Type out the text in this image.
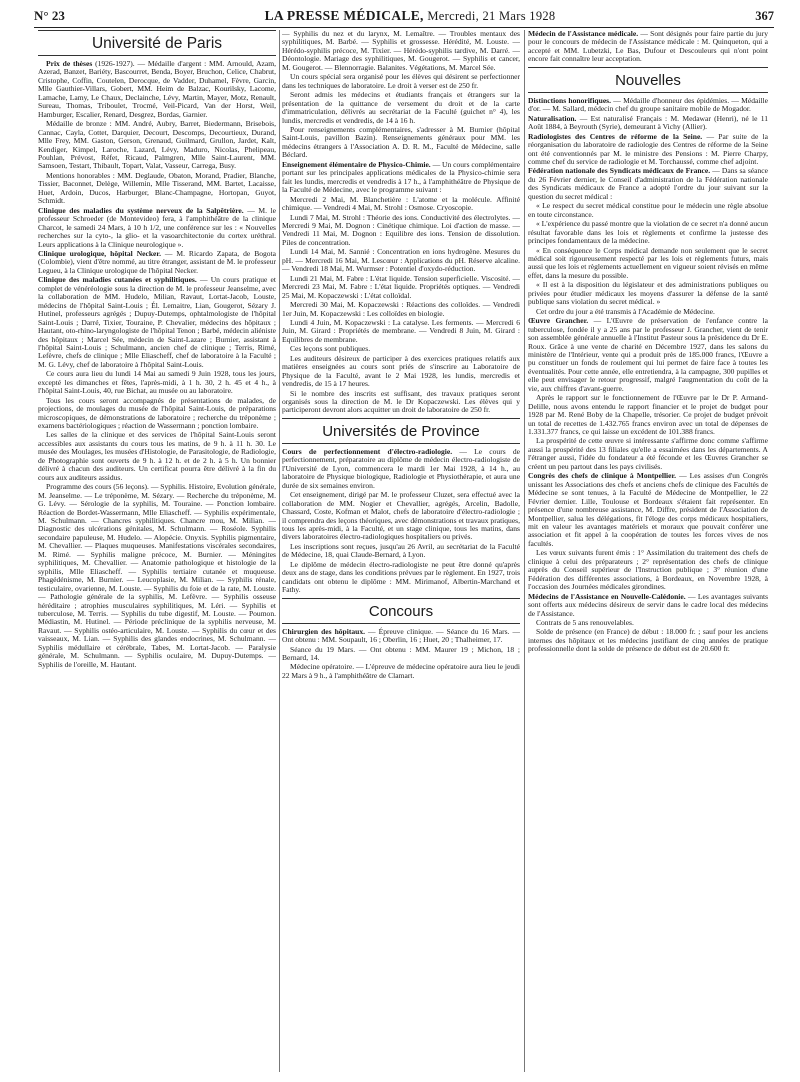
N° 23	LA PRESSE MÉDICALE, Mercredi, 21 Mars 1928	367
Université de Paris

Prix de thèses (1926-1927). — Médaille d'argent : MM. Arnould, Azam, Azerad, Banzet, Bariéty, Bascourret, Benda, Boyer, Bruchon, Celice, Chabrut, Cristophe, Coffin, Coutelen, Derocque, de Vadder, Duhamel, Fèvre, Garcin, Mlle Gauthier-Villars, Gobert, MM. Heim de Balzac, Kourilsky, Lacome, Lamache, Lamy, Le Chaux, Declainche, Lévy, Martin, Mayer, Motz, Renault, Sureau, Thomas, Triboulet, Trocmé, Veil-Picard, Van der Horst, Weil, Hamburger, Escalier, Renard, Desgrez, Bordas, Garnier.

Médaille de bronze : MM. André, Aubry, Barret, Biedermann, Brisebois, Cannac, Cayla, Cottet, Darquier, Decourt, Descomps, Decourtieux, Durand, Mlle Frey, MM. Gaston, Gerson, Grenaud, Guilmard, Grullon, Jardet, Kalt, Kendiger, Kimpel, Laroche, Lazard, Lévy, Maduro, Nicolas, Phelipeau, Pouhlan, Prévost, Réfet, Ricaud, Palmgren, Mlle Saint-Laurent, MM. Samsoen, Testart, Thibault, Topart, Valat, Vasseur, Carrega, Busy.

Mentions honorables : MM. Deglaude, Obaton, Morand, Pradier, Blanche, Tissier, Baconnet, Delège, Willemin, Mlle Tisserand, MM. Bartet, Lacaisse, Huet, Ardoin, Ducos, Harburger, Blanc-Champagne, Hortopan, Guyot, Schmidt.

Clinique des maladies du système nerveux de la Salpêtrière. — M. le professeur Schroeder (de Montevideo) fera, à l'amphithéâtre de la clinique Charcot, le samedi 24 Mars, à 10 h 1/2, une conférence sur les : « Nouvelles recherches sur la cyto-, la glio- et la vasoarchitectonie du cortex uréthral. Leurs applications à la Clinique neurologique ».

Clinique urologique, hôpital Necker. — M. Ricardo Zapata, de Bogota (Colombie), vient d'être nommé, au titre étranger, assistant de M. le professeur Legueu, à la Clinique urologique de l'hôpital Necker.

Clinique des maladies cutanées et syphilitiques. — Un cours pratique et complet de vénéréologie sous la direction de M. le professeur Jeanselme, avec la collaboration de MM. Hudelo, Milian, Ravaut, Lortat-Jacob, Louste, médecins de l'hôpital Saint-Louis ; Él. Lemaitre, Lian, Gougerot, Sézary J. Hutinel, professeurs agrégés ; Dupuy-Dutemps, ophtalmologiste de l'hôpital Saint-Louis ; Darré, Tixier, Touraine, P. Chevalier, médecins des hôpitaux ; Hautant, oto-rhino-laryngologiste de l'hôpital Tenon ; Barbé, médecin aliéniste des hôpitaux ; Marcel Sée, médecin de Saint-Lazare ; Burnier, assistant à l'hôpital Saint-Louis ; Schulmann, ancien chef de clinique ; Terris, Rimé, Lefèvre, chefs de clinique ; Mlle Eliascheff, chef de laboratoire à la Faculté ; M. G. Lévy, chef de laboratoire à l'hôpital Saint-Louis.

Ce cours aura lieu du lundi 14 Mai au samedi 9 Juin 1928, tous les jours, excepté les dimanches et fêtes, l'après-midi, à 1 h. 30, 2 h. 45 et 4 h., à l'hôpital Saint-Louis, 40, rue Bichat, au musée ou au laboratoire.

Tous les cours seront accompagnés de présentations de malades, de projections, de moulages du musée de l'hôpital Saint-Louis, de préparations microscopiques, de démonstrations de laboratoire ; recherche du tréponème ; examens bactériologiques ; réaction de Wassermann ; ponction lombaire.

Les salles de la clinique et des services de l'hôpital Saint-Louis seront accessibles aux assistants du cours tous les matins, de 9 h. à 11 h. 30. Le musée des Moulages, les musées d'Histologie, de Parasitologie, de Radiologie, de Photographie sont ouverts de 9 h. à 12 h. et de 2 h. à 5 h. Un bonnier délivré à chacun des auditeurs. Un certificat pourra être délivré à la fin du cours aux auditeurs assidus.

Programme des cours (56 leçons). — Syphilis. Histoire, Evolution générale, M. Jeanselme. — Le tréponème, M. Sézary. — Recherche du tréponème, M. G. Lévy. — Sérologie de la syphilis, M. Touraine. — Ponction lombaire. Réaction de Bordet-Wassermann, Mlle Eliascheff. — Syphilis expérimentale, M. Schulmann. — Chancres syphilitiques. Chancre mou, M. Milian. — Diagnostic des ulcérations génitales, M. Schulmann. — Roséole. Syphilis secondaire papuleuse, M. Hudelo. — Alopécie. Onyxis. Syphilis pigmentaire, M. Chevallier. — Plaques muqueuses. Manifestations viscérales secondaires, M. Rimé. — Syphilis maligne précoce, M. Burnier. — Méningites syphilitiques, M. Chevallier. — Anatomie pathologique et histologie de la syphilis, Mlle Eliascheff. — Syphilis tertiaire cutanée et muqueuse. Phagédénisme, M. Burnier. — Leucoplasie, M. Milian. — Syphilis rénale, testiculaire, ovarienne, M. Louste. — Syphilis du foie et de la rate, M. Louste. — Pathologie générale de la syphilis, M. Lefèvre. — Syphilis osseuse héréditaire ; atrophies musculaires syphilitiques, M. Léri. — Syphilis et tuberculose, M. Terris. — Syphilis du tube digestif, M. Louste. — Poumon. Médiastin, M. Hutinel. — Période préclinique de la syphilis nerveuse, M. Ravaut. — Syphilis ostéo-articulaire, M. Louste. — Syphilis du cœur et des vaisseaux, M. Lian. — Syphilis des glandes endocrines, M. Schulmann. — Syphilis médullaire et cérébrale, Tabes, M. Lortat-Jacob. — Paralysie générale, M. Schulmann. — Syphilis oculaire, M. Dupuy-Dutemps. — Syphilis de l'oreille, M. Hautant.

— Syphilis du nez et du larynx, M. Lemaître. — Troubles mentaux des syphilitiques, M. Barbé. — Syphilis et grossesse. Hérédité, M. Louste. — Hérédo-syphilis précoce, M. Tixier. — Hérédo-syphilis tardive, M. Darré. — Déontologie. Mariage des syphilitiques, M. Gougerot. — Syphilis et cancer, M. Gougerot. — Blennorragie. Balanites. Végétations, M. Marcel Sée.

Un cours spécial sera organisé pour les élèves qui désirent se perfectionner dans les techniques de laboratoire. Le droit à verser est de 250 fr.

Seront admis les médecins et étudiants français et étrangers sur la présentation de la quittance de versement du droit et de la carte d'immatriculation, délivrés au secrétariat de la Faculté (guichet n° 4), les lundis, mercredis et vendredis, de 14 à 16 h.

Pour renseignements complémentaires, s'adresser à M. Burnier (hôpital Saint-Louis, pavillon Bazin). Renseignements généraux pour MM. les médecins étrangers à l'Association A. D. R. M., Faculté de Médecine, salle Béclard.

Enseignement élémentaire de Physico-Chimie. — Un cours complémentaire portant sur les principales applications médicales de la Physico-chimie sera fait les lundis, mercredis et vendredis à 17 h., à l'amphithéâtre de Physique de la Faculté de Médecine, avec le programme suivant :

Mercredi 2 Mai, M. Blanchetière : L'atome et la molécule. Affinité chimique. — Vendredi 4 Mai, M. Strohl : Osmose. Cryoscopie.

Lundi 7 Mai, M. Strohl : Théorie des ions. Conductivité des électrolytes. — Mercredi 9 Mai, M. Dognon : Cinétique chimique. Loi d'action de masse. — Vendredi 11 Mai, M. Dognon : Equilibre des ions. Tension de dissolution. Piles de concentration.

Lundi 14 Mai, M. Sannié : Concentration en ions hydrogène. Mesures du pH. — Mercredi 16 Mai, M. Lescœur : Applications du pH. Réserve alcaline. — Vendredi 18 Mai, M. Wurmser : Potentiel d'oxydo-réduction.

Lundi 21 Mai, M. Fabre : L'état liquide. Tension superficielle. Viscosité. — Mercredi 23 Mai, M. Fabre : L'état liquide. Propriétés optiques. — Vendredi 25 Mai, M. Kopaczewski : L'état colloïdal.

Mercredi 30 Mai, M. Kopaczewski : Réactions des colloïdes. — Vendredi 1er Juin, M. Kopaczewski : Les colloïdes en biologie.

Lundi 4 Juin, M. Kopaczewski : La catalyse. Les ferments. — Mercredi 6 Juin, M. Girard : Propriétés de membrane. — Vendredi 8 Juin, M. Girard : Equilibres de membrane.

Ces leçons sont publiques.

Les auditeurs désireux de participer à des exercices pratiques relatifs aux matières enseignées au cours sont priés de s'inscrire au Laboratoire de Physique de la Faculté, avant le 2 Mai 1928, les lundis, mercredis et vendredis, de 15 à 17 heures.

Si le nombre des inscrits est suffisant, des travaux pratiques seront organisés sous la direction de M. le Dr Kopaczewski. Les élèves qui y participeront devront alors acquitter un droit de laboratoire de 250 fr.

Universités de Province

Cours de perfectionnement d'électro-radiologie. — Le cours de perfectionnement, préparatoire au diplôme de médecin électro-radiologiste de l'Université de Lyon, commencera le mardi 1er Mai 1928, à 14 h., au laboratoire de Physique biologique, Radiologie et Physiothérapie, et aura une durée de six semaines environ.

Cet enseignement, dirigé par M. le professeur Cluzet, sera effectué avec la collaboration de MM. Nogier et Chevallier, agrégés, Arcelin, Badolle, Chassard, Coste, Kofman et Malot, chefs de laboratoire d'électro-radiologie ; il comprendra des leçons théoriques, avec démonstrations et travaux pratiques, tous les après-midi, à la Faculté, et un stage clinique, tous les matins, dans divers laboratoires électro-radiologiques hospitaliers ou privés.

Les inscriptions sont reçues, jusqu'au 26 Avril, au secrétariat de la Faculté de Médecine, 18, quai Claude-Bernard, à Lyon.

Le diplôme de médecin électro-radiologiste ne peut être donné qu'après deux ans de stage, dans les conditions prévues par le règlement. En 1927, trois candidats ont obtenu le diplôme : MM. Mirimanof, Albertin-Marchand et Fathy.

Concours

Chirurgien des hôpitaux. — Épreuve clinique. — Séance du 16 Mars. — Ont obtenu : MM. Soupault, 16 ; Oberlin, 16 ; Huet, 20 ; Thalheimer, 17.

Séance du 19 Mars. — Ont obtenu : MM. Maurer 19 ; Michon, 18 ; Bernard, 14.

Médecine opératoire. — L'épreuve de médecine opératoire aura lieu le jeudi 22 Mars à 9 h., à l'amphithéâtre de Clamart.

Médecin de l'Assistance médicale. — Sont désignés pour faire partie du jury pour le concours de médecin de l'Assistance médicale : M. Quinqueton, qui a accepté et MM. Lubetzki, Le Bas, Dufour et Descouleurs qui n'ont point encore fait connaître leur acceptation.

Nouvelles

Distinctions honorifiques. — Médaille d'honneur des épidémies. — Médaille d'or. — M. Sallard, médecin chef du groupe sanitaire mobile de Mogador.

Naturalisation. — Est naturalisé Français : M. Medawar (Henri), né le 11 Août 1884, à Beyrouth (Syrie), demeurant à Vichy (Allier).

Radiologistes des Centres de réforme de la Seine. — Par suite de la réorganisation du laboratoire de radiologie des Centres de réforme de la Seine ont été conventionnés par M. le ministre des Pensions : M. Pierre Charpy, comme chef du service de radiologie et M. Torchaussé, comme chef adjoint.

Fédération nationale des Syndicats médicaux de France. — Dans sa séance du 26 Février dernier, le Conseil d'administration de la Fédération nationale des Syndicats médicaux de France a adopté l'ordre du jour suivant sur la question du secret médical :

« Le respect du secret médical constitue pour le médecin une règle absolue en toute circonstance.

« L'expérience du passé montre que la violation de ce secret n'a donné aucun résultat favorable dans les lois et règlements et confirme la justesse des principes fondamentaux de la médecine.

« En conséquence le Corps médical demande non seulement que le secret médical soit rigoureusement respecté par les lois et règlements futurs, mais aussi que les lois et règlements actuellement en vigueur soient révisés en même effet, dans la mesure du possible.

« Il est à la disposition du législateur et des administrations publiques ou privées pour étudier médicaux les moyens d'assurer la défense de la santé publique sans violation du secret médical. »

Cet ordre du jour a été transmis à l'Académie de Médecine.

Œuvre Grancher. — L'Œuvre de préservation de l'enfance contre la tuberculose, fondée il y a 25 ans par le professeur J. Grancher, vient de tenir son assemblée générale annuelle à l'Institut Pasteur sous la présidence du Dr E. Roux. Grâce à une vente de charité en Décembre 1927, dans les salons du ministère de l'Intérieur, vente qui a produit près de 185.000 francs, l'Œuvre a pu constituer un fonds de roulement qui lui permet de faire face à toutes les éventualités. Pour cette année, elle entretiendra, à la campagne, 300 pupilles et elle peut envisager le retour progressif, malgré l'augmentation du coût de la vie, aux chiffres d'avant-guerre.

Après le rapport sur le fonctionnement de l'Œuvre par le Dr P. Armand-Delille, nous avons entendu le rapport financier et le projet de budget pour 1928 par M. René Boby de la Chapelle, trésorier. Ce projet de budget prévoit un total de recettes de 1.432.765 francs environ avec un total de dépenses de 1.331.377 francs, ce qui laisse un excédent de 101.388 francs.

La prospérité de cette œuvre si intéressante s'affirme donc comme s'affirme aussi la prospérité des 13 filiales qu'elle a essaimées dans les départements. A l'étranger aussi, l'idée du fondateur a été féconde et les Œuvres Grancher se créent un peu partout dans les pays civilisés.

Congrès des chefs de clinique à Montpellier. — Les assises d'un Congrès unissant les Associations des chefs et anciens chefs de clinique des Facultés de Médecine se sont tenues, à la Faculté de Médecine de Montpellier, le 22 Février dernier. Lille, Toulouse et Bordeaux s'étaient fait représenter. En présence d'une nombreuse assistance, M. Diffre, président de l'Association de Montpellier, salua les délégations, fit l'éloge des corps médicaux hospitaliers, mit en valeur les avantages matériels et moraux que pouvait conférer une association et fit appel à la coopération de toutes les forces vives de nos facultés.

Les vœux suivants furent émis : 1° Assimilation du traitement des chefs de clinique à celui des préparateurs ; 2° représentation des chefs de clinique auprès du Conseil supérieur de l'Instruction publique ; 3° réunion d'une Fédération des différentes associations, à Bordeaux, en Novembre 1928, à l'occasion des Journées médicales girondines.

Médecins de l'Assistance en Nouvelle-Calédonie. — Les avantages suivants sont offerts aux médecins désireux de servir dans le cadre local des médecins de l'Assistance.

Contrats de 5 ans renouvelables.

Solde de présence (en France) de début : 18.000 fr. ; sauf pour les anciens internes des hôpitaux et les médecins justifiant de cinq années de pratique professionnelle dont la solde de présence de début est de 20.600 fr.
